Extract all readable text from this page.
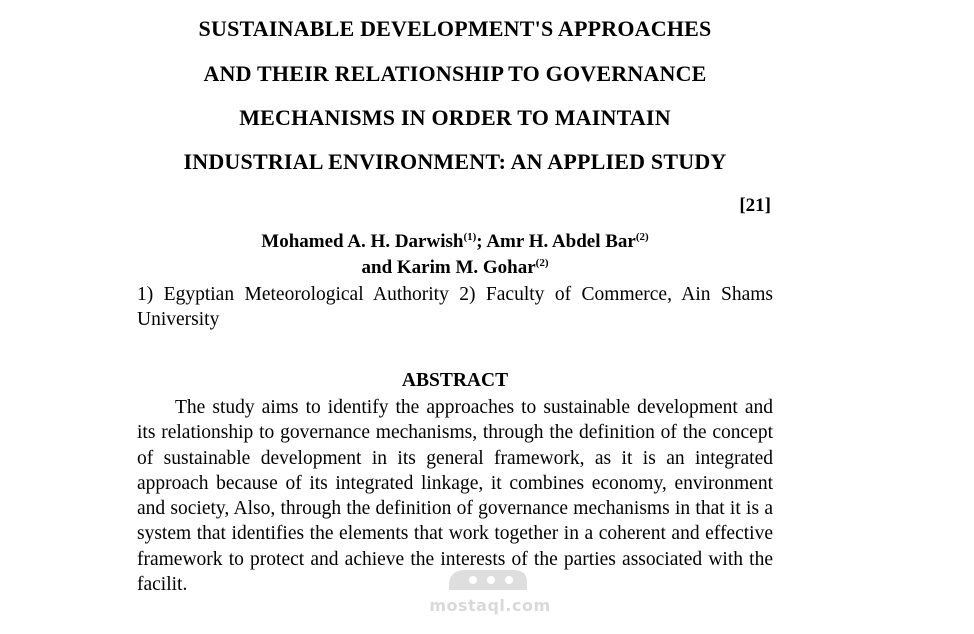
SUSTAINABLE DEVELOPMENT'S APPROACHES
AND THEIR RELATIONSHIP TO GOVERNANCE
MECHANISMS IN ORDER TO MAINTAIN
INDUSTRIAL ENVIRONMENT: AN APPLIED STUDY
[21]
Mohamed A. H. Darwish$^{(1)}$; Amr H. Abdel Bar$^{(2)}$
and Karim M. Gohar$^{(2)}$
1) Egyptian Meteorological Authority 2) Faculty of Commerce, Ain Shams University
ABSTRACT

The study aims to identify the approaches to sustainable development and its relationship to governance mechanisms, through the definition of the concept of sustainable development in its general framework, as it is an integrated approach because of its integrated linkage, it combines economy, environment and society, Also, through the definition of governance mechanisms in that it is a system that identifies the elements that work together in a coherent and effective framework to protect and achieve the interests of the parties associated with the facilit.

mostaql.com
